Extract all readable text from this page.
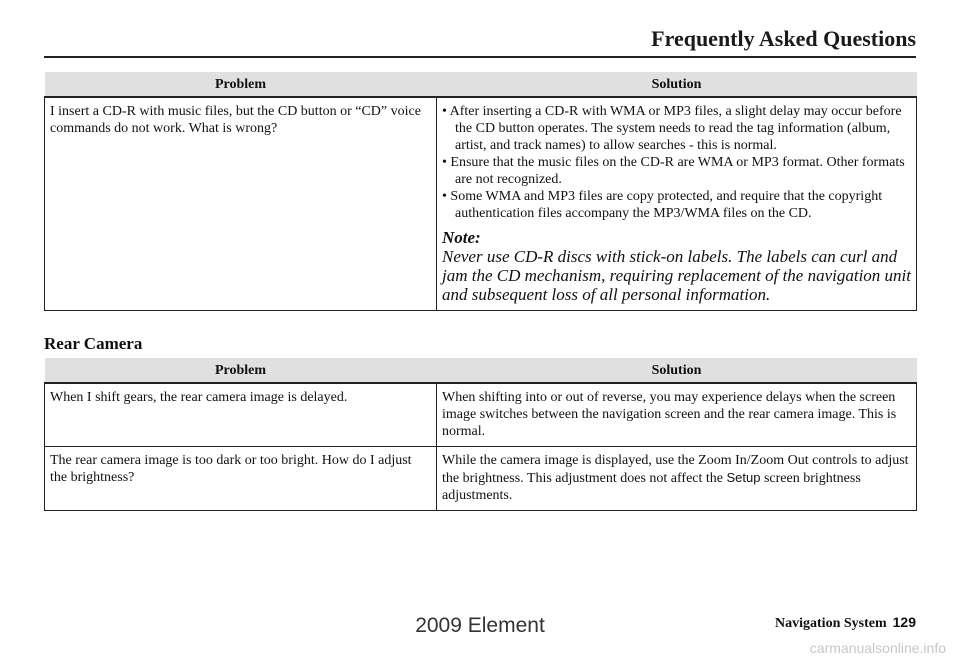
Frequently Asked Questions
Problem	Solution
I insert a CD-R with music files, but the CD button or “CD” voice commands do not work. What is wrong?	• After inserting a CD-R with WMA or MP3 files, a slight delay may occur before the CD button operates. The system needs to read the tag information (album, artist, and track names) to allow searches - this is normal.

• Ensure that the music files on the CD-R are WMA or MP3 format. Other formats are not recognized.

• Some WMA and MP3 files are copy protected, and require that the copyright authentication files accompany the MP3/WMA files on the CD.

Note:
Never use CD-R discs with stick-on labels. The labels can curl and jam the CD mechanism, requiring replacement of the navigation unit and subsequent loss of all personal information.
Rear Camera
Problem	Solution
When I shift gears, the rear camera image is delayed.	When shifting into or out of reverse, you may experience delays when the screen image switches between the navigation screen and the rear camera image. This is normal.
The rear camera image is too dark or too bright. How do I adjust the brightness?	While the camera image is displayed, use the Zoom In/Zoom Out controls to adjust the brightness. This adjustment does not affect the Setup screen brightness adjustments.
Navigation System 129
2009 Element
carmanualsonline.info
